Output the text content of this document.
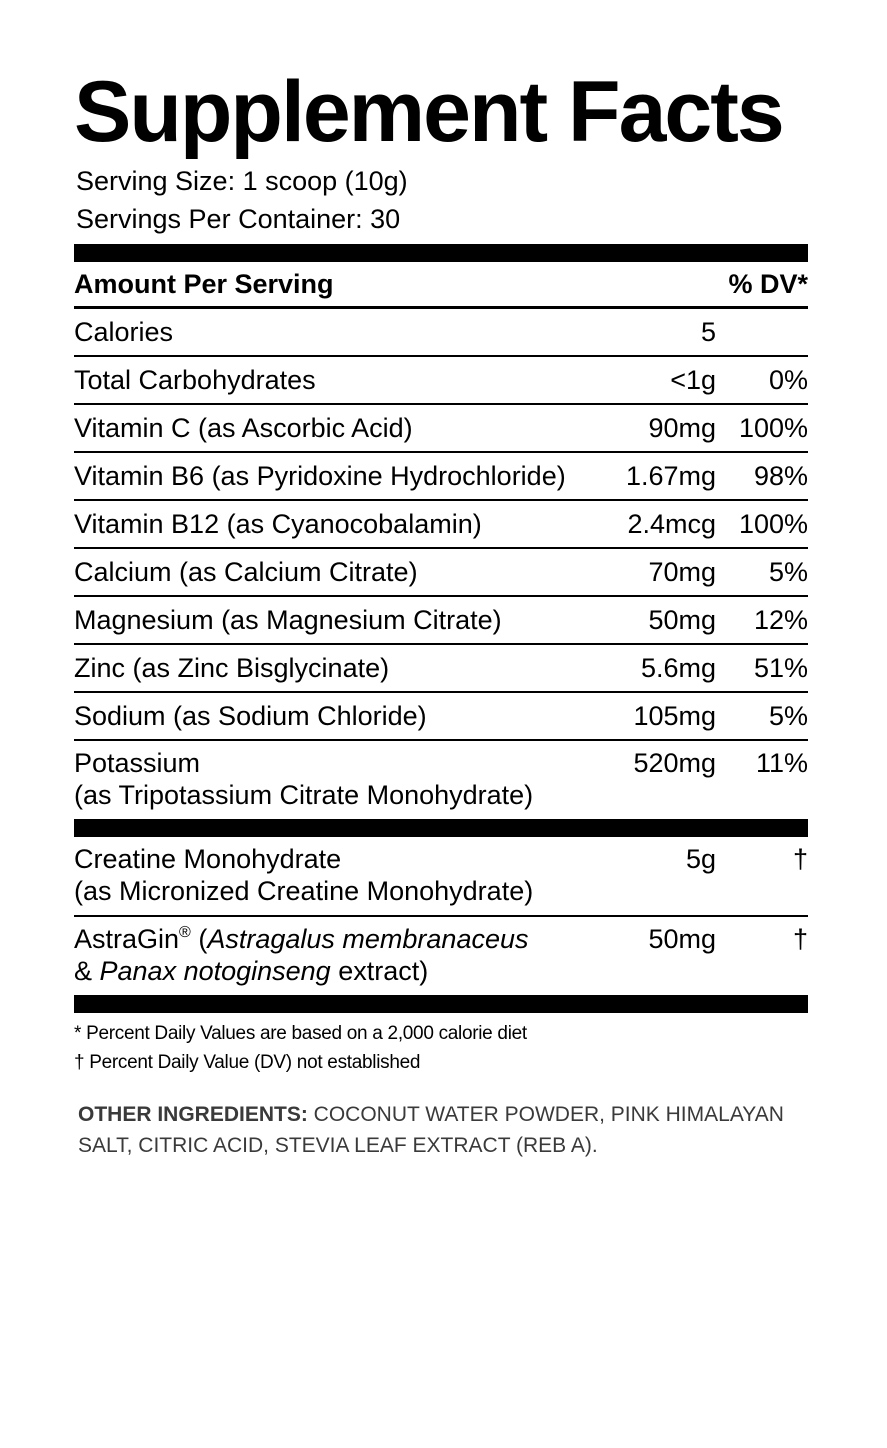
Supplement Facts
Serving Size: 1 scoop (10g)
Servings Per Container: 30
Amount Per Serving	% DV*
Calories	5
Total Carbohydrates	<1g	0%
Vitamin C (as Ascorbic Acid)	90mg 100%
Vitamin B6 (as Pyridoxine Hydrochloride)	1.67mg	98%
Vitamin B12 (as Cyanocobalamin)	2.4mcg 100%
Calcium (as Calcium Citrate)	70mg	5%
Magnesium (as Magnesium Citrate)	50mg	12%
Zinc (as Zinc Bisglycinate)	5.6mg	51%
Sodium (as Sodium Chloride)	105mg	5%
Potassium
(as Tripotassium Citrate Monohydrate)
520mg	11%
Creatine Monohydrate
(as Micronized Creatine Monohydrate)
5g	†
AstraGin® (Astragalus membranaceus
& Panax notoginseng extract)
50mg	†
* Percent Daily Values are based on a 2,000 calorie diet
† Percent Daily Value (DV) not established
OTHER INGREDIENTS: COCONUT WATER POWDER, PINK HIMALAYAN SALT, CITRIC ACID, STEVIA LEAF EXTRACT (REB A).
